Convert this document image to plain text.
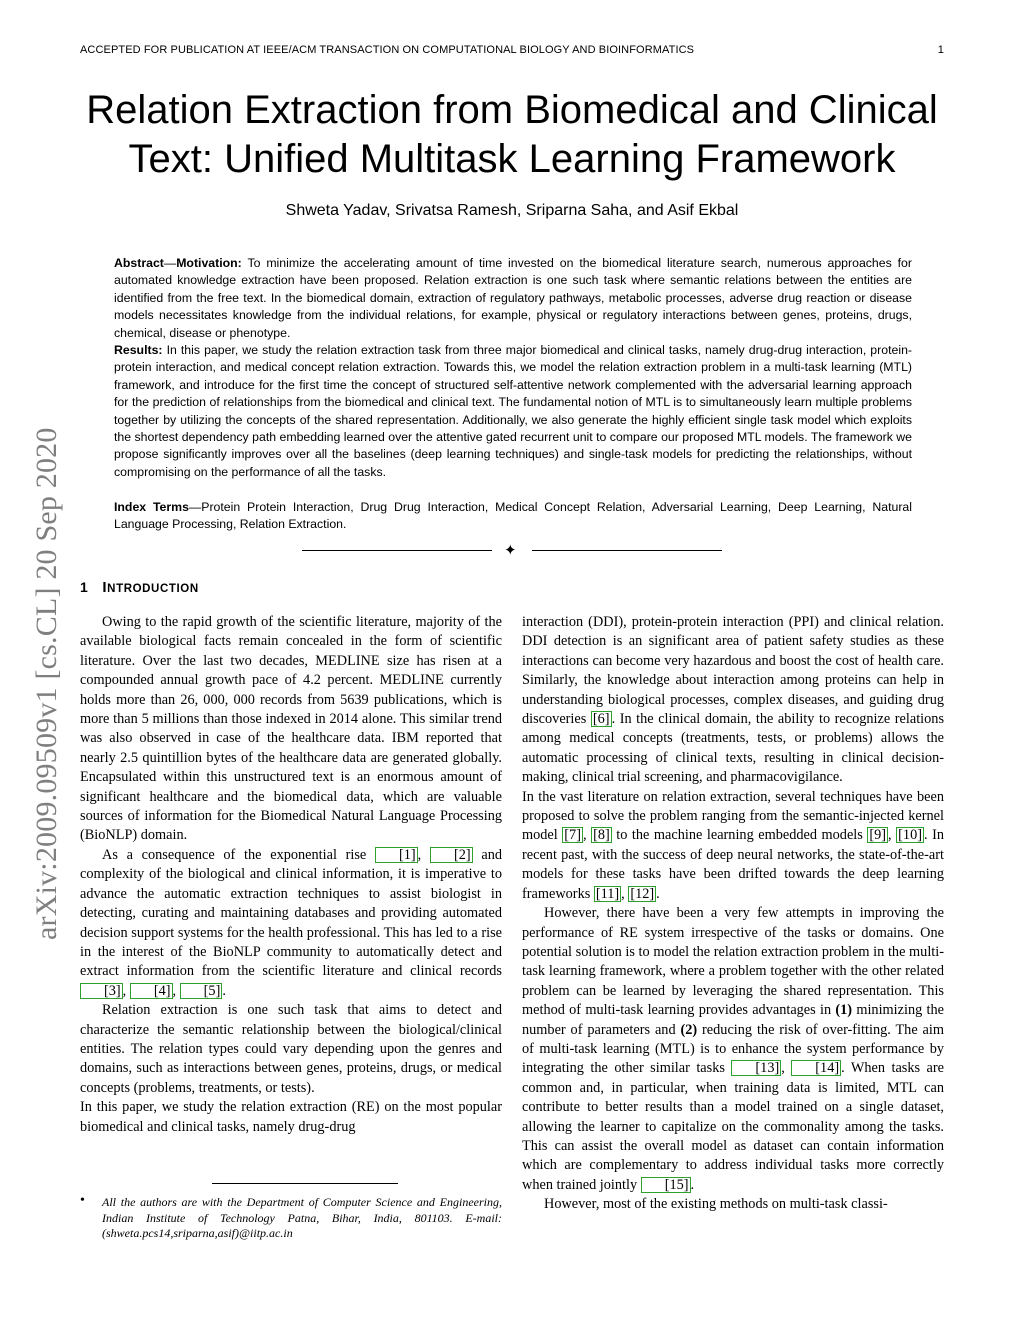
ACCEPTED FOR PUBLICATION AT IEEE/ACM TRANSACTION ON COMPUTATIONAL BIOLOGY AND BIOINFORMATICS	1
arXiv:2009.09509v1 [cs.CL] 20 Sep 2020
Relation Extraction from Biomedical and Clinical
Text: Unified Multitask Learning Framework
Shweta Yadav, Srivatsa Ramesh, Sriparna Saha, and Asif Ekbal

Abstract—Motivation: To minimize the accelerating amount of time invested on the biomedical literature search, numerous approaches for automated knowledge extraction have been proposed. Relation extraction is one such task where semantic relations between the entities are identified from the free text. In the biomedical domain, extraction of regulatory pathways, metabolic processes, adverse drug reaction or disease models necessitates knowledge from the individual relations, for example, physical or regulatory interactions between genes, proteins, drugs, chemical, disease or phenotype.

Results: In this paper, we study the relation extraction task from three major biomedical and clinical tasks, namely drug-drug interaction, protein-protein interaction, and medical concept relation extraction. Towards this, we model the relation extraction problem in a multi-task learning (MTL) framework, and introduce for the first time the concept of structured self-attentive network complemented with the adversarial learning approach for the prediction of relationships from the biomedical and clinical text. The fundamental notion of MTL is to simultaneously learn multiple problems together by utilizing the concepts of the shared representation. Additionally, we also generate the highly efficient single task model which exploits the shortest dependency path embedding learned over the attentive gated recurrent unit to compare our proposed MTL models. The framework we propose significantly improves over all the baselines (deep learning techniques) and single-task models for predicting the relationships, without compromising on the performance of all the tasks.

Index Terms—Protein Protein Interaction, Drug Drug Interaction, Medical Concept Relation, Adversarial Learning, Deep Learning, Natural Language Processing, Relation Extraction.
✦
1 INTRODUCTION

Owing to the rapid growth of the scientific literature, majority of the available biological facts remain concealed in the form of scientific literature. Over the last two decades, MEDLINE size has risen at a compounded annual growth pace of 4.2 percent. MEDLINE currently holds more than 26, 000, 000 records from 5639 publications, which is more than 5 millions than those indexed in 2014 alone. This similar trend was also observed in case of the healthcare data. IBM reported that nearly 2.5 quintillion bytes of the healthcare data are generated globally. Encapsulated within this unstructured text is an enormous amount of significant healthcare and the biomedical data, which are valuable sources of information for the Biomedical Natural Language Processing (BioNLP) domain.

As a consequence of the exponential rise [1] , [2] and complexity of the biological and clinical information, it is imperative to advance the automatic extraction techniques to assist biologist in detecting, curating and maintaining databases and providing automated decision support systems for the health professional. This has led to a rise in the interest of the BioNLP community to automatically detect and extract information from the scientific literature and clinical records [3] , [4] , [5] .

Relation extraction is one such task that aims to detect and characterize the semantic relationship between the biological/clinical entities. The relation types could vary depending upon the genres and domains, such as interactions between genes, proteins, drugs, or medical concepts (problems, treatments, or tests).

In this paper, we study the relation extraction (RE) on the most popular biomedical and clinical tasks, namely drug-drug

interaction (DDI), protein-protein interaction (PPI) and clinical relation. DDI detection is an significant area of patient safety studies as these interactions can become very hazardous and boost the cost of health care. Similarly, the knowledge about interaction among proteins can help in understanding biological processes, complex diseases, and guiding drug discoveries [6] . In the clinical domain, the ability to recognize relations among medical concepts (treatments, tests, or problems) allows the automatic processing of clinical texts, resulting in clinical decision-making, clinical trial screening, and pharmacovigilance.

In the vast literature on relation extraction, several techniques have been proposed to solve the problem ranging from the semantic-injected kernel model [7] , [8] to the machine learning embedded models [9] , [10] . In recent past, with the success of deep neural networks, the state-of-the-art models for these tasks have been drifted towards the deep learning frameworks [11] , [12] .

However, there have been a very few attempts in improving the performance of RE system irrespective of the tasks or domains. One potential solution is to model the relation extraction problem in the multi-task learning framework, where a problem together with the other related problem can be learned by leveraging the shared representation. This method of multi-task learning provides advantages in (1) minimizing the number of parameters and (2) reducing the risk of over-fitting. The aim of multi-task learning (MTL) is to enhance the system performance by integrating the other similar tasks [13] , [14] . When tasks are common and, in particular, when training data is limited, MTL can contribute to better results than a model trained on a single dataset, allowing the learner to capitalize on the commonality among the tasks. This can assist the overall model as dataset can contain information which are complementary to address individual tasks more correctly when trained jointly [15] .

However, most of the existing methods on multi-task classi-

• All the authors are with the Department of Computer Science and Engineering, Indian Institute of Technology Patna, Bihar, India, 801103. E-mail: (shweta.pcs14,sriparna,asif)@iitp.ac.in
